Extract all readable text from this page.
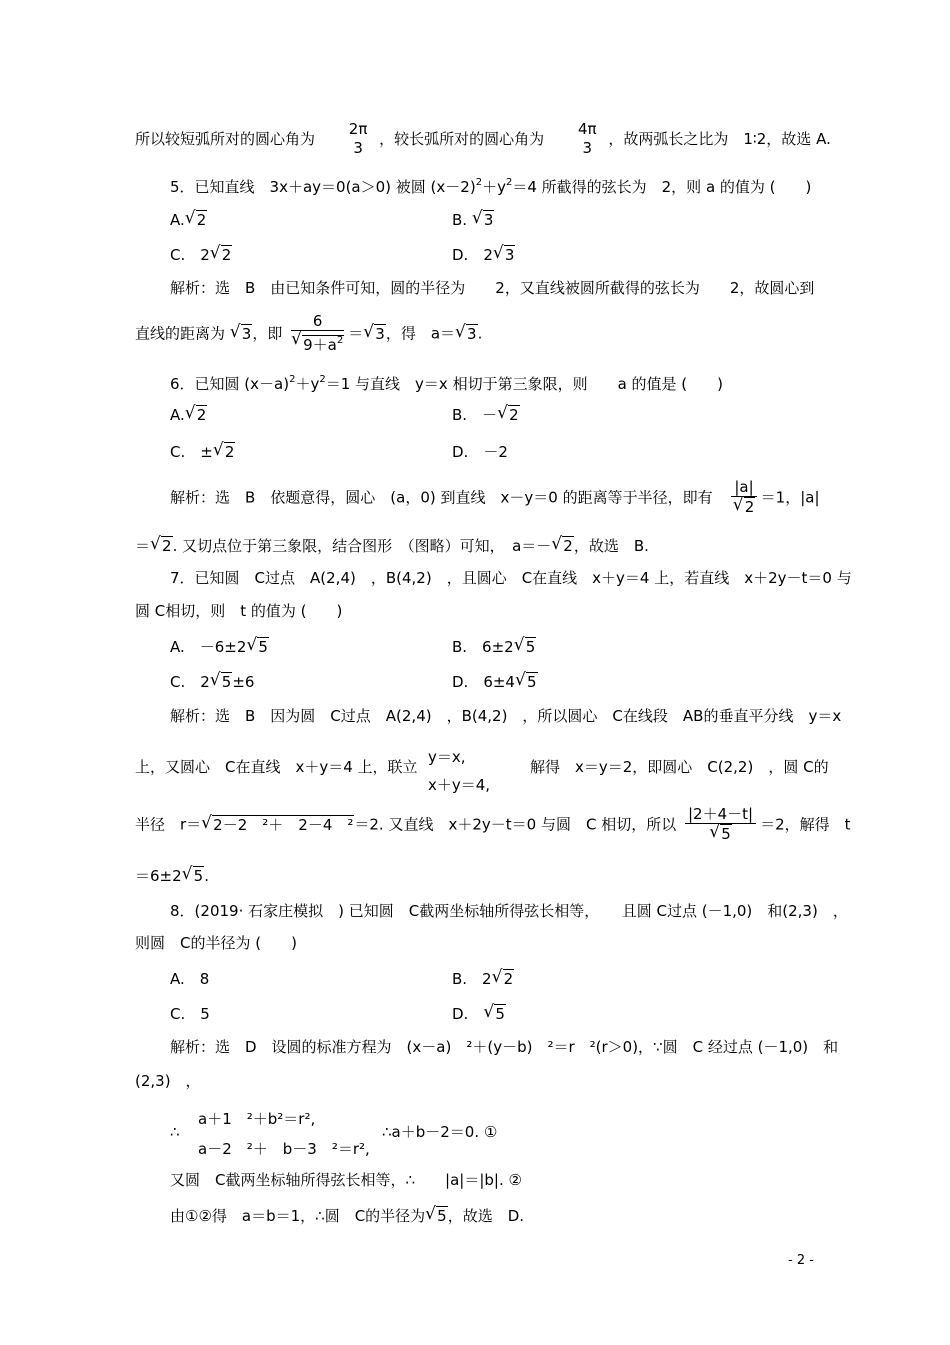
所以较短弧所对的圆心角为
2π
3	，较长弧所对的圆心角为
4π
3	，故两弧长之比为　1∶2，故选 A.
5．已知直线　3x＋ay＝0(a＞0) 被圆 $(x-2)^2+y^2=4$ 所截得的弦长为　2，则 a 的值为 (　　)
A. √ 2	B. √ 3
C.　2 √ 2	D.　2 √ 3
解析：选　B　由已知条件可知，圆的半径为　　2，又直线被圆所截得的弦长为　　2，故圆心到
直线的距离为 √ 3，即 6
√ $9+a^2$ ＝ √ 3，得　a＝ √ 3.
6．已知圆 $(x-a)^2+y^2=1$ 与直线　y＝x 相切于第三象限，则　　a 的值是 (　　)
A. √ 2	B.　－ √ 2
C.　± √ 2	D.　－2
解析：选　B　依题意得，圆心　(a，0) 到直线　x－y＝0 的距离等于半径，即有 |a|
√ 2 ＝1，|a|
＝ √ 2. 又切点位于第三象限，结合图形　（图略）可知，　a＝－ √ 2，故选　B.
7．已知圆　C过点　A(2,4)　，B(4,2)　，且圆心　C在直线　x＋y＝4 上，若直线　x＋2y－t＝0 与
圆 C相切，则　t 的值为 (　　)
A.　－6±2 √ 5	B.　6±2 √ 5
C.　2 √ 5±6	D.　6±4 √ 5
解析：选　B　因为圆　C过点　A(2,4)　，B(4,2)　，所以圆心　C在线段　AB的垂直平分线　y＝x
上，又圆心　C在直线　x＋y＝4 上，联立
y＝x,
x＋y＝4,
解得　x＝y＝2，即圆心　C(2,2)　，圆 C的
半径　r＝ √ 2－2　²＋　2－4　²＝2. 又直线　x＋2y－t＝0 与圆　C 相切，所以 |2＋4－t|
√ 5 ＝2，解得　t
＝6±2 √ 5.
8．(2019· 石家庄模拟　) 已知圆　C截两坐标轴所得弦长相等，　　且圆 C过点 (－1,0)　和(2,3)　，
则圆　C的半径为 (　　)
A.　8	B.　2 √ 2
C.　5	D.　√ 5
解析：选　D　设圆的标准方程为　(x－a)　²＋(y－b)　²＝r　²(r＞0)，∵圆　C 经过点 (－1,0)　和
(2,3)　，
∴
a＋1　²＋b²＝r²,
a－2　²＋　b－3　²＝r²,
∴a＋b－2＝0. ①
又圆　C截两坐标轴所得弦长相等，∴　　|a|＝|b|. ②
由①②得　a＝b＝1，∴圆　C的半径为 √ 5，故选　D.
- 2 -
